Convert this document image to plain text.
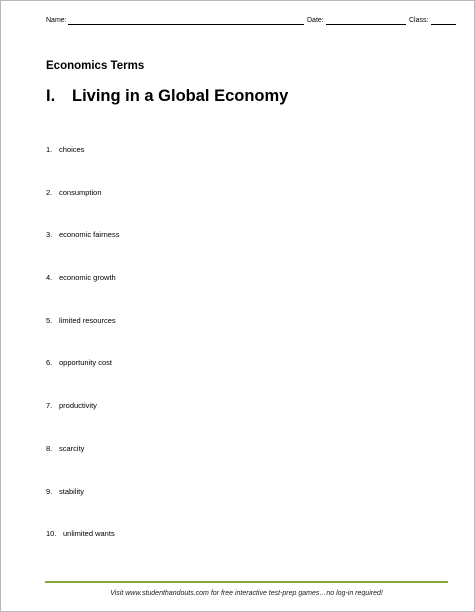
Name:	Date:	Class:
Economics Terms
I. Living in a Global Economy
1. choices
2. consumption
3. economic fairness
4. economic growth
5. limited resources
6. opportunity cost
7. productivity
8. scarcity
9. stability
10. unlimited wants
Visit www.studenthandouts.com for free interactive test-prep games…no log-in required!
